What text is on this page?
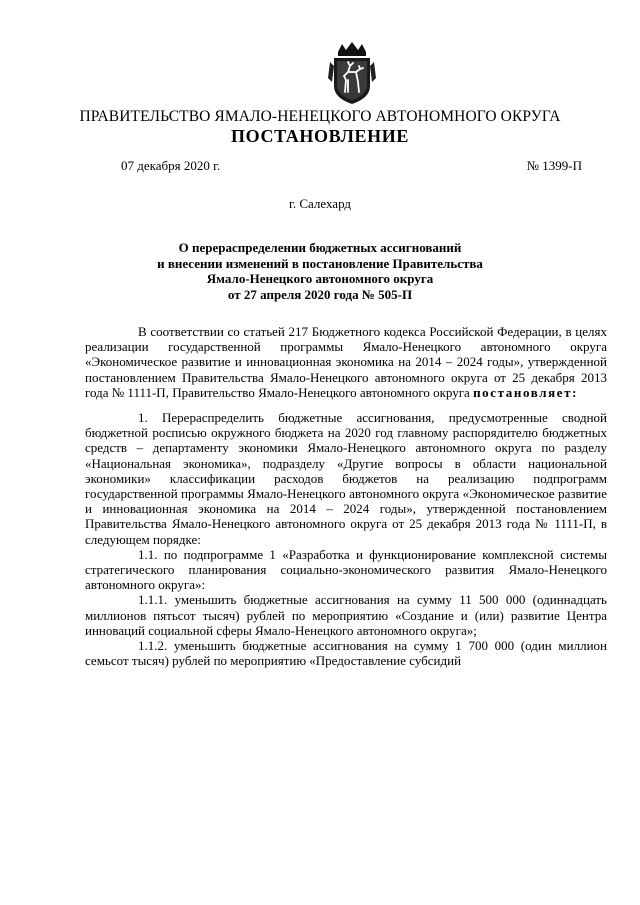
ПРАВИТЕЛЬСТВО ЯМАЛО-НЕНЕЦКОГО АВТОНОМНОГО ОКРУГА
ПОСТАНОВЛЕНИЕ
07 декабря 2020 г.	№ 1399-П
г. Салехард
О перераспределении бюджетных ассигнований
и внесении изменений в постановление Правительства
Ямало-Ненецкого автономного округа
от 27 апреля 2020 года № 505-П

В соответствии со статьей 217 Бюджетного кодекса Российской Федерации, в целях реализации государственной программы Ямало-Ненецкого автономного округа «Экономическое развитие и инновационная экономика на 2014 – 2024 годы», утвержденной постановлением Правительства Ямало-Ненецкого автономного округа от 25 декабря 2013 года № 1111-П, Правительство Ямало-Ненецкого автономного округа постановляет:

1. Перераспределить бюджетные ассигнования, предусмотренные сводной бюджетной росписью окружного бюджета на 2020 год главному распорядителю бюджетных средств – департаменту экономики Ямало-Ненецкого автономного округа по разделу «Национальная экономика», подразделу «Другие вопросы в области национальной экономики» классификации расходов бюджетов на реализацию подпрограмм государственной программы Ямало-Ненецкого автономного округа «Экономическое развитие и инновационная экономика на 2014 – 2024 годы», утвержденной постановлением Правительства Ямало-Ненецкого автономного округа от 25 декабря 2013 года № 1111-П, в следующем порядке:

1.1. по подпрограмме 1 «Разработка и функционирование комплексной системы стратегического планирования социально-экономического развития Ямало-Ненецкого автономного округа»:

1.1.1. уменьшить бюджетные ассигнования на сумму 11 500 000 (одиннадцать миллионов пятьсот тысяч) рублей по мероприятию «Создание и (или) развитие Центра инноваций социальной сферы Ямало-Ненецкого автономного округа»;

1.1.2. уменьшить бюджетные ассигнования на сумму 1 700 000 (один миллион семьсот тысяч) рублей по мероприятию «Предоставление субсидий
